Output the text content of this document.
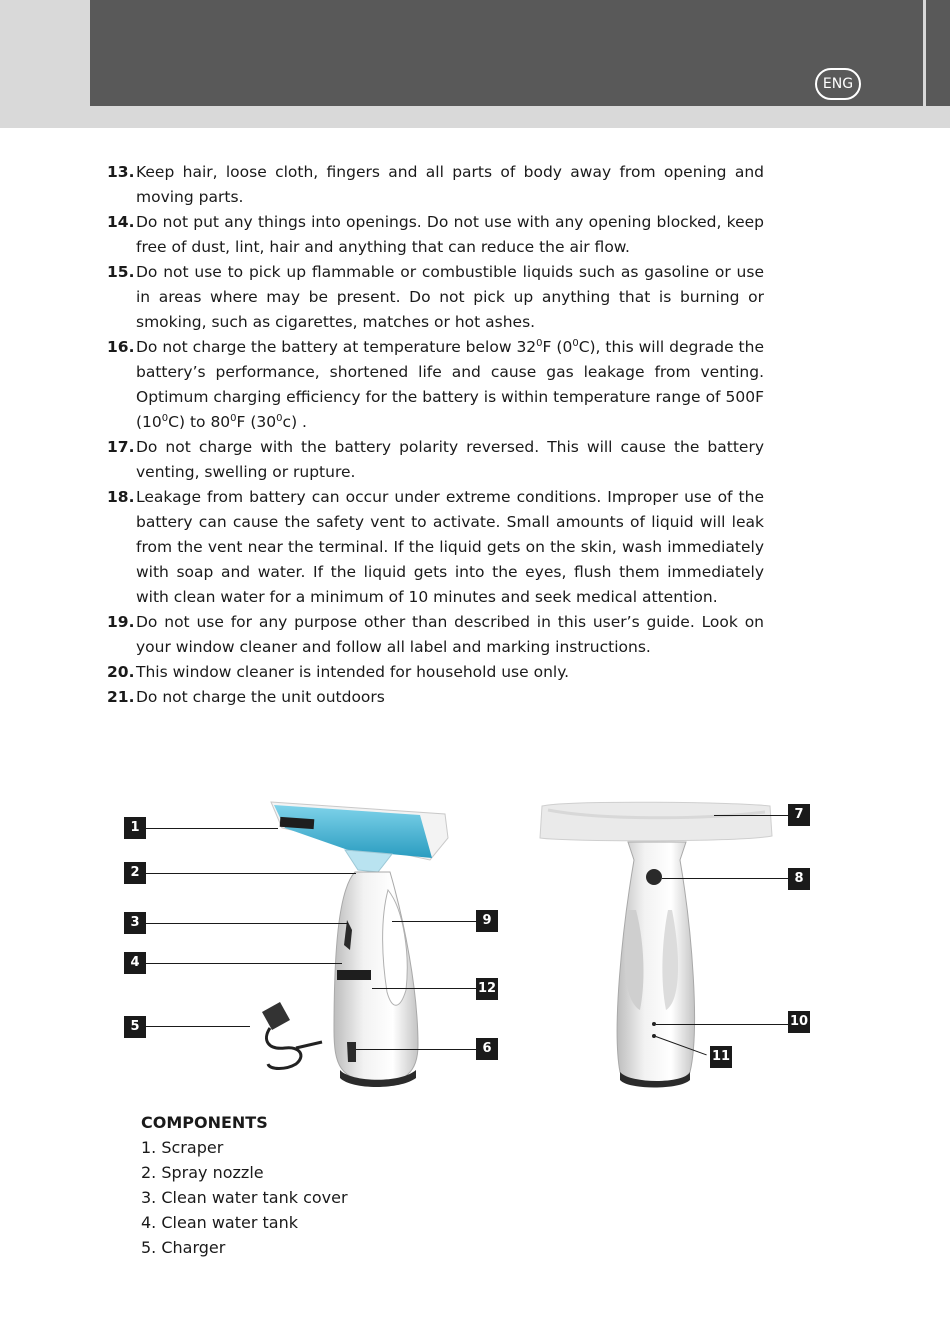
ENG
13. Keep hair, loose cloth, fingers and all parts of body away from opening and moving parts.
14. Do not put any things into openings. Do not use with any opening blocked, keep free of dust, lint, hair and anything that can reduce the air flow.
15. Do not use to pick up flammable or combustible liquids such as gasoline or use in areas where may be present. Do not pick up anything that is burning or smoking, such as cigarettes, matches or hot ashes.
16. Do not charge the battery at temperature below $32^0F$ $(0^0C)$, this will degrade the battery’s performance, shortened life and cause gas leakage from venting. Optimum charging efficiency for the battery is within temperature range of 500F $(10^0C)$ to $80^0F$ $(30^0c)$ .
17. Do not charge with the battery polarity reversed. This will cause the battery venting, swelling or rupture.
18. Leakage from battery can occur under extreme conditions. Improper use of the battery can cause the safety vent to activate. Small amounts of liquid will leak from the vent near the terminal. If the liquid gets on the skin, wash immediately with soap and water. If the liquid gets into the eyes, flush them immediately with clean water for a minimum of 10 minutes and seek medical attention.
19. Do not use for any purpose other than described in this user’s guide. Look on your window cleaner and follow all label and marking instructions.
20. This window cleaner is intended for household use only.
21. Do not charge the unit outdoors
1
2
3
4
5
6
7
8
9
10
11
12

COMPONENTS

1. Scraper
2. Spray nozzle
3. Clean water tank cover
4. Clean water tank
5. Charger
